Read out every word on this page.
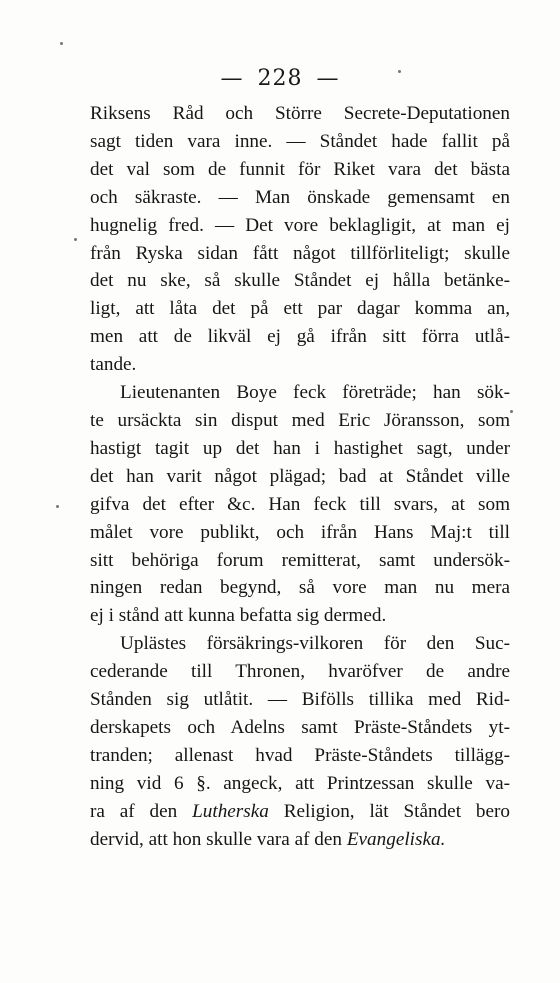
— 228 —
Riksens Råd och Större Secrete-Deputationen
sagt tiden vara inne. — Ståndet hade fallit på
det val som de funnit för Riket vara det bästa
och säkraste. — Man önskade gemensamt en
hugnelig fred. — Det vore beklagligit, at man ej
från Ryska sidan fått något tillförliteligt; skulle
det nu ske, så skulle Ståndet ej hålla betänke-
ligt, att låta det på ett par dagar komma an,
men att de likväl ej gå ifrån sitt förra utlå-
tande.
Lieutenanten Boye feck företräde; han sök-
te ursäckta sin disput med Eric Jöransson, som
hastigt tagit up det han i hastighet sagt, under
det han varit något plägad; bad at Ståndet ville
gifva det efter &c. Han feck till svars, at som
målet vore publikt, och ifrån Hans Maj:t till
sitt behöriga forum remitterat, samt undersök-
ningen redan begynd, så vore man nu mera
ej i stånd att kunna befatta sig dermed.
Uplästes försäkrings-vilkoren för den Suc-
cederande till Thronen, hvaröfver de andre
Stånden sig utlåtit. — Bifölls tillika med Rid-
derskapets och Adelns samt Präste-Ståndets yt-
tranden; allenast hvad Präste-Ståndets tillägg-
ning vid 6 §. angeck, att Printzessan skulle va-
ra af den Lutherska Religion, lät Ståndet bero
dervid, att hon skulle vara af den Evangeliska.
